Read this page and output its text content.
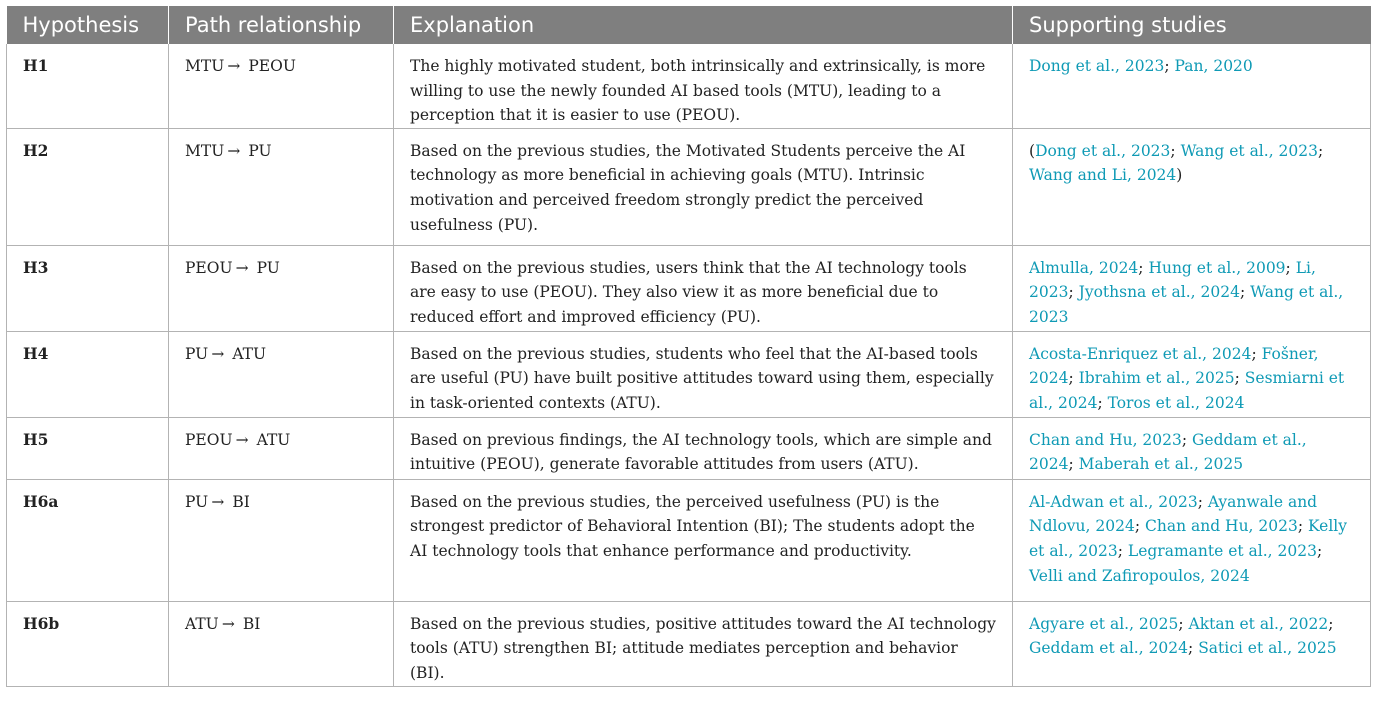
Hypothesis	Path relationship	Explanation	Supporting studies
H1	MTU →  PEOU	The highly motivated student, both intrinsically and extrinsically, is more willing to use the newly founded AI based tools (MTU), leading to a perception that it is easier to use (PEOU).	Dong et al., 2023; Pan, 2020
H2	MTU →  PU	Based on the previous studies, the Motivated Students perceive the AI technology as more beneficial in achieving goals (MTU). Intrinsic motivation and perceived freedom strongly predict the perceived usefulness (PU).	(Dong et al., 2023; Wang et al., 2023; Wang and Li, 2024)
H3	PEOU →  PU	Based on the previous studies, users think that the AI technology tools are easy to use (PEOU). They also view it as more beneficial due to reduced effort and improved efficiency (PU).	Almulla, 2024; Hung et al., 2009; Li, 2023; Jyothsna et al., 2024; Wang et al., 2023
H4	PU →  ATU	Based on the previous studies, students who feel that the AI-based tools are useful (PU) have built positive attitudes toward using them, especially in task-oriented contexts (ATU).	Acosta-Enriquez et al., 2024; Fošner, 2024; Ibrahim et al., 2025; Sesmiarni et al., 2024; Toros et al., 2024
H5	PEOU →  ATU	Based on previous findings, the AI technology tools, which are simple and intuitive (PEOU), generate favorable attitudes from users (ATU).	Chan and Hu, 2023; Geddam et al., 2024; Maberah et al., 2025
H6a	PU →  BI	Based on the previous studies, the perceived usefulness (PU) is the strongest predictor of Behavioral Intention (BI); The students adopt the AI technology tools that enhance performance and productivity.	Al-Adwan et al., 2023; Ayanwale and Ndlovu, 2024; Chan and Hu, 2023; Kelly et al., 2023; Legramante et al., 2023; Velli and Zafiropoulos, 2024
H6b	ATU →  BI	Based on the previous studies, positive attitudes toward the AI technology tools (ATU) strengthen BI; attitude mediates perception and behavior (BI).	Agyare et al., 2025; Aktan et al., 2022; Geddam et al., 2024; Satici et al., 2025
